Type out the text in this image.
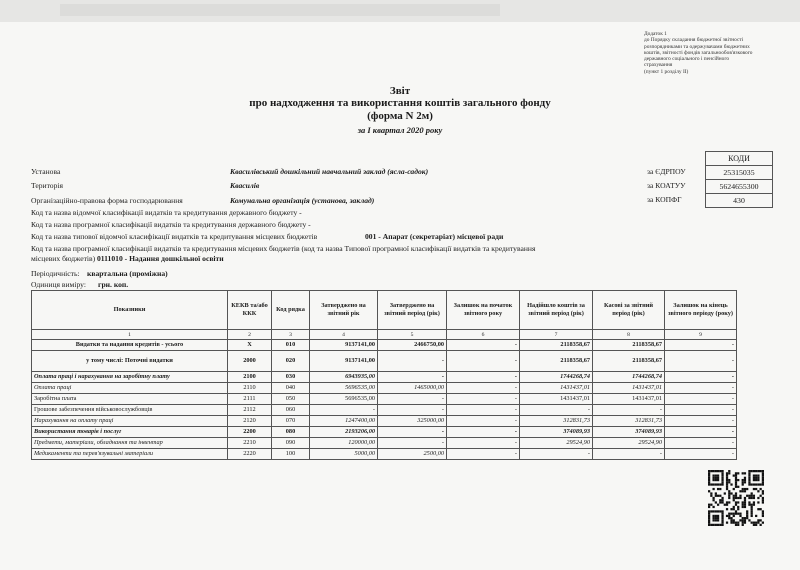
Додаток 1
до Порядку складання бюджетної звітності
розпорядниками та одержувачами бюджетних
коштів, звітності фондів загальнообов'язкового
державного соціального і пенсійного
страхування
(пункт 1 розділу II)
Звіт
про надходження та використання коштів загального фонду
(форма N 2м)
за I квартал 2020 року
КОДИ
25315035
5624655300
430
за ЄДРПОУ
за КОАТУУ
за КОПФГ
Установа	Квасилівський дошкільний навчальний заклад (ясла-садок)
Територія	Квасилів
Організаційно-правова форма господарювання	Комунальна організація (установа, заклад)
Код та назва відомчої класифікації видатків та кредитування державного бюджету -
Код та назва програмної класифікації видатків та кредитування державного бюджету -
Код та назва типової відомчої класифікації видатків та кредитування місцевих бюджетів	001 - Апарат (секретаріат) місцевої ради
Код та назва програмної класифікації видатків та кредитування місцевих бюджетів (код та назва Типової програмної класифікації видатків та кредитування
місцевих бюджетів) 0111010 - Надання дошкільної освіти
Періодичність: квартальна (проміжна)
Одиниця виміру: грн. коп.
Показники	КЕКВ та/або ККК	Код рядка	Затверджено на звітний рік	Затверджено на звітний період (рік)	Залишок на початок звітного року	Надійшло коштів за звітний період (рік)	Касові за звітний період (рік)	Залишок на кінець звітного періоду (року)
1	2	3	4	5	6	7	8	9
Видатки та надання кредитів - усього	X	010	9137141,00	2466750,00	-	2118358,67	2118358,67	-
у тому числі: Поточні видатки	2000	020	9137141,00	-	-	2118358,67	2118358,67	-
Оплата праці і нарахування на заробітну плату	2100	030	6943935,00	-	-	1744268,74	1744268,74	-
Оплата праці	2110	040	5696535,00	1465000,00	-	1431437,01	1431437,01	-
Заробітна плата	2111	050	5696535,00	-	-	1431437,01	1431437,01	-
Грошове забезпечення військовослужбовців	2112	060	-	-	-	-	-	-
Нарахування на оплату праці	2120	070	1247400,00	325000,00	-	312831,73	312831,73	-
Використання товарів і послуг	2200	080	2193206,00	-	-	374089,93	374089,93	-
Предмети, матеріали, обладнання та інвентар	2210	090	120000,00	-	-	29524,90	29524,90	-
Медикаменти та перев'язувальні матеріали	2220	100	5000,00	2500,00	-	-	-	-
